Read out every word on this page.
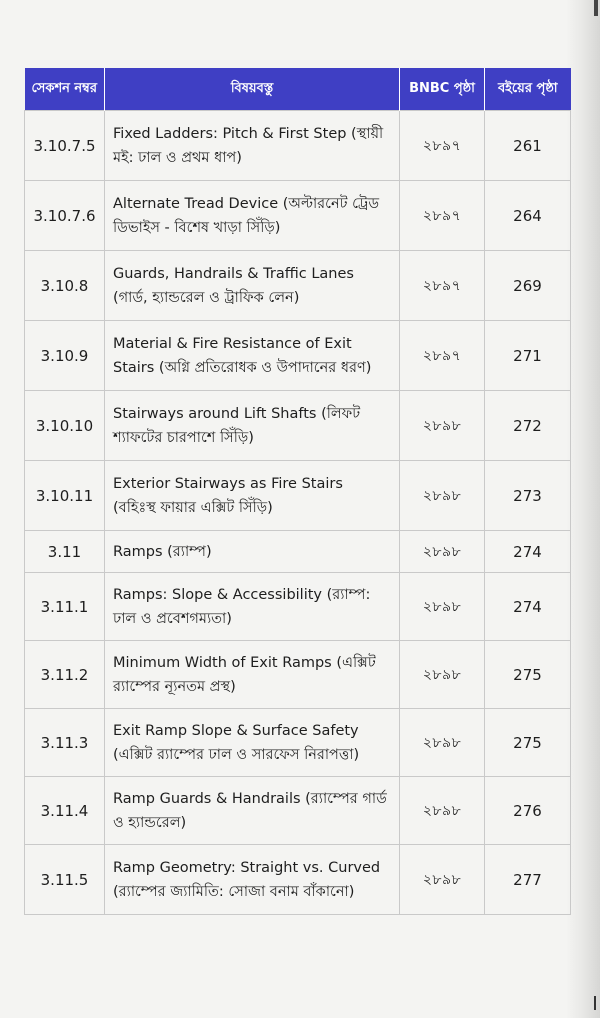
সেকশন নম্বর	বিষয়বস্তু	BNBC পৃষ্ঠা	বইয়ের পৃষ্ঠা
3.10.7.5	Fixed Ladders: Pitch & First Step (স্থায়ী মই: ঢাল ও প্রথম ধাপ)	২৮৯৭	261
3.10.7.6	Alternate Tread Device (অল্টারনেট ট্রেড ডিভাইস - বিশেষ খাড়া সিঁড়ি)	২৮৯৭	264
3.10.8	Guards, Handrails & Traffic Lanes (গার্ড, হ্যান্ডরেল ও ট্রাফিক লেন)	২৮৯৭	269
3.10.9	Material & Fire Resistance of Exit Stairs (অগ্নি প্রতিরোধক ও উপাদানের ধরণ)	২৮৯৭	271
3.10.10	Stairways around Lift Shafts (লিফট শ্যাফটের চারপাশে সিঁড়ি)	২৮৯৮	272
3.10.11	Exterior Stairways as Fire Stairs (বহিঃস্থ ফায়ার এক্সিট সিঁড়ি)	২৮৯৮	273
3.11	Ramps (র‍্যাম্প)	২৮৯৮	274
3.11.1	Ramps: Slope & Accessibility (র‍্যাম্প: ঢাল ও প্রবেশগম্যতা)	২৮৯৮	274
3.11.2	Minimum Width of Exit Ramps (এক্সিট র‍্যাম্পের ন্যূনতম প্রস্থ)	২৮৯৮	275
3.11.3	Exit Ramp Slope & Surface Safety (এক্সিট র‍্যাম্পের ঢাল ও সারফেস নিরাপত্তা)	২৮৯৮	275
3.11.4	Ramp Guards & Handrails (র‍্যাম্পের গার্ড ও হ্যান্ডরেল)	২৮৯৮	276
3.11.5	Ramp Geometry: Straight vs. Curved (র‍্যাম্পের জ্যামিতি: সোজা বনাম বাঁকানো)	২৮৯৮	277
